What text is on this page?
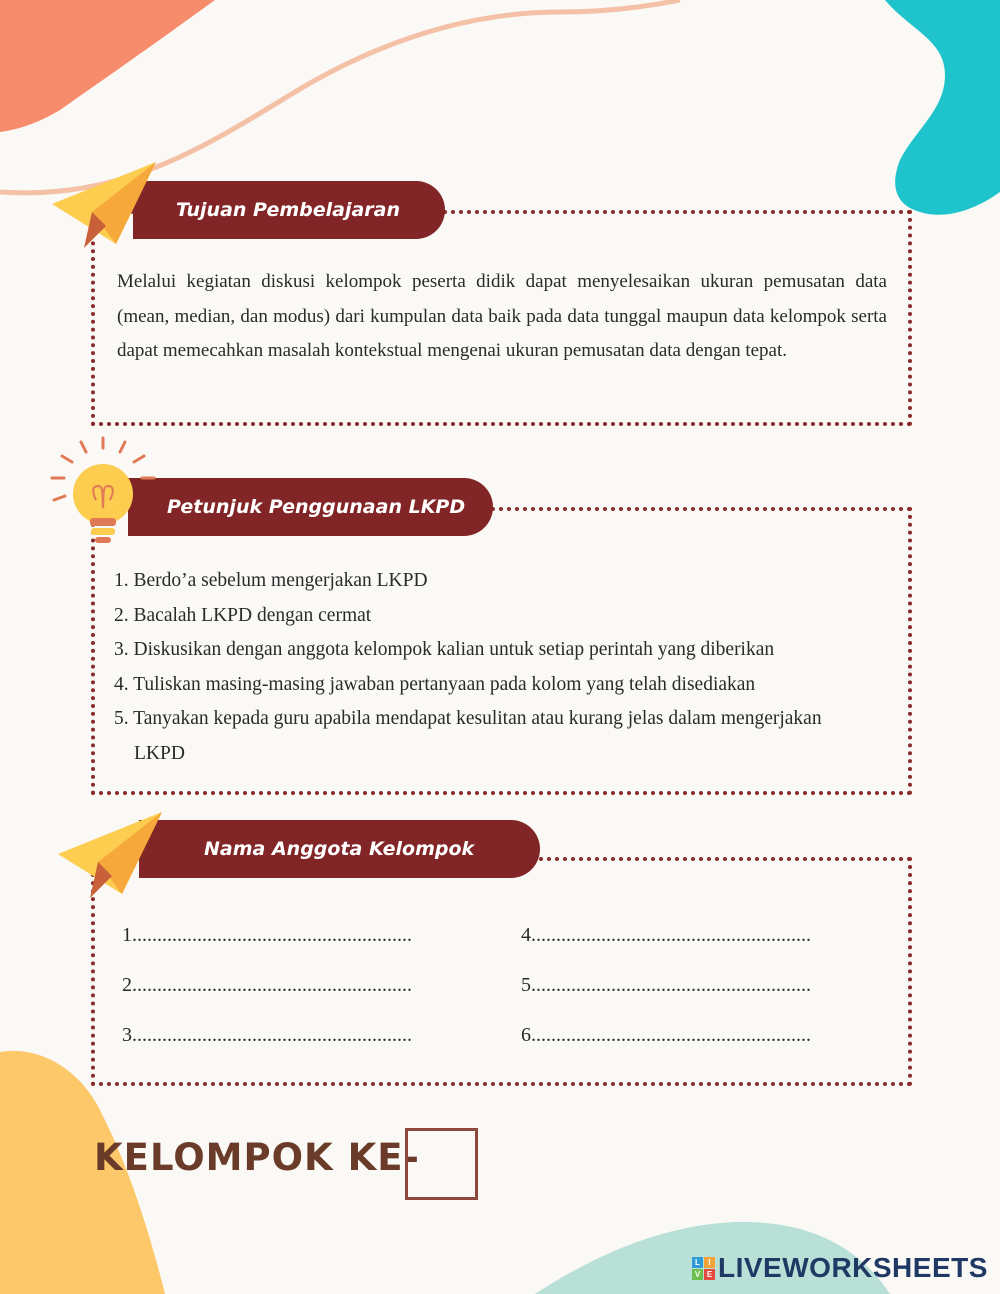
Tujuan Pembelajaran

Melalui kegiatan diskusi kelompok peserta didik dapat menyelesaikan ukuran pemusatan data (mean, median, dan modus) dari kumpulan data baik pada data tunggal maupun data kelompok serta dapat memecahkan masalah kontekstual mengenai ukuran pemusatan data dengan tepat.

Petunjuk Penggunaan LKPD
1. Berdo’a sebelum mengerjakan LKPD
2. Bacalah LKPD dengan cermat
3. Diskusikan dengan anggota kelompok kalian untuk setiap perintah yang diberikan
4. Tuliskan masing-masing jawaban pertanyaan pada kolom yang telah disediakan
5. Tanyakan kepada guru apabila mendapat kesulitan atau kurang jelas dalam mengerjakan LKPD
Nama Anggota Kelompok
1........................................................
2........................................................
3........................................................
4........................................................
5........................................................
6........................................................
KELOMPOK KE-
L	I
V E LIVEWORKSHEETS
